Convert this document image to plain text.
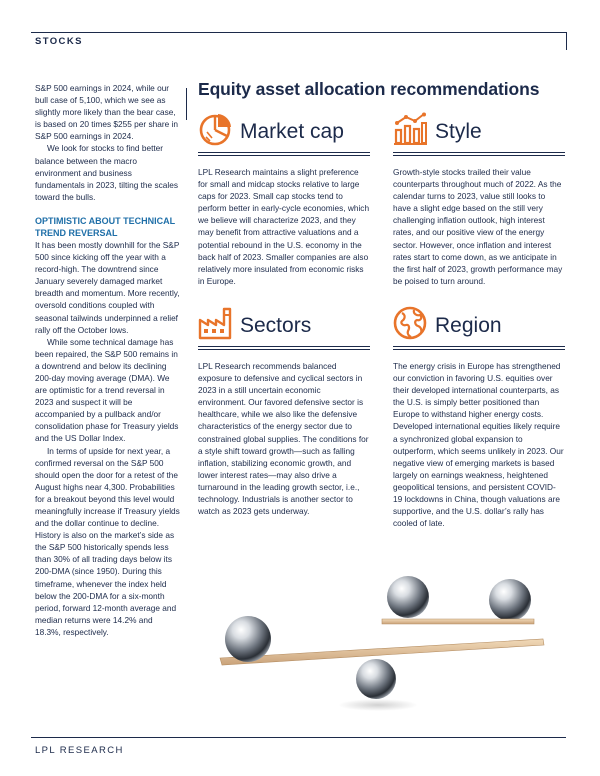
STOCKS

S&P 500 earnings in 2024, while our bull case of 5,100, which we see as slightly more likely than the bear case, is based on 20 times $255 per share in S&P 500 earnings in 2024.

We look for stocks to find better balance between the macro environment and business fundamentals in 2023, tilting the scales toward the bulls.

OPTIMISTIC ABOUT TECHNICAL TREND REVERSAL

It has been mostly downhill for the S&P 500 since kicking off the year with a record-high. The downtrend since January severely damaged market breadth and momentum. More recently, oversold conditions coupled with seasonal tailwinds underpinned a relief rally off the October lows.

While some technical damage has been repaired, the S&P 500 remains in a downtrend and below its declining 200-day moving average (DMA). We are optimistic for a trend reversal in 2023 and suspect it will be accompanied by a pullback and/or consolidation phase for Treasury yields and the US Dollar Index.

In terms of upside for next year, a confirmed reversal on the S&P 500 should open the door for a retest of the August highs near 4,300. Probabilities for a breakout beyond this level would meaningfully increase if Treasury yields and the dollar continue to decline. History is also on the market’s side as the S&P 500 historically spends less than 30% of all trading days below its 200-DMA (since 1950). During this timeframe, whenever the index held below the 200-DMA for a six-month period, forward 12-month average and median returns were 14.2% and 18.3%, respectively.

Equity asset allocation recommendations
Market cap
LPL Research maintains a slight preference for small and midcap stocks relative to large caps for 2023. Small cap stocks tend to perform better in early-cycle economies, which we believe will characterize 2023, and they may benefit from attractive valuations and a potential rebound in the U.S. economy in the back half of 2023. Smaller companies are also relatively more insulated from economic risks in Europe.
Style
Growth-style stocks trailed their value counterparts throughout much of 2022. As the calendar turns to 2023, value still looks to have a slight edge based on the still very challenging inflation outlook, high interest rates, and our positive view of the energy sector. However, once inflation and interest rates start to come down, as we anticipate in the first half of 2023, growth performance may be poised to turn around.
Sectors
LPL Research recommends balanced exposure to defensive and cyclical sectors in 2023 in a still uncertain economic environment. Our favored defensive sector is healthcare, while we also like the defensive characteristics of the energy sector due to constrained global supplies. The conditions for a style shift toward growth—such as falling inflation, stabilizing economic growth, and lower interest rates—may also drive a turnaround in the leading growth sector, i.e., technology. Industrials is another sector to watch as 2023 gets underway.
Region
The energy crisis in Europe has strengthened our conviction in favoring U.S. equities over their developed international counterparts, as the U.S. is simply better positioned than Europe to withstand higher energy costs. Developed international equities likely require a synchronized global expansion to outperform, which seems unlikely in 2023. Our negative view of emerging markets is based largely on earnings weakness, heightened geopolitical tensions, and persistent COVID-19 lockdowns in China, though valuations are supportive, and the U.S. dollar’s rally has cooled of late.
LPL RESEARCH
